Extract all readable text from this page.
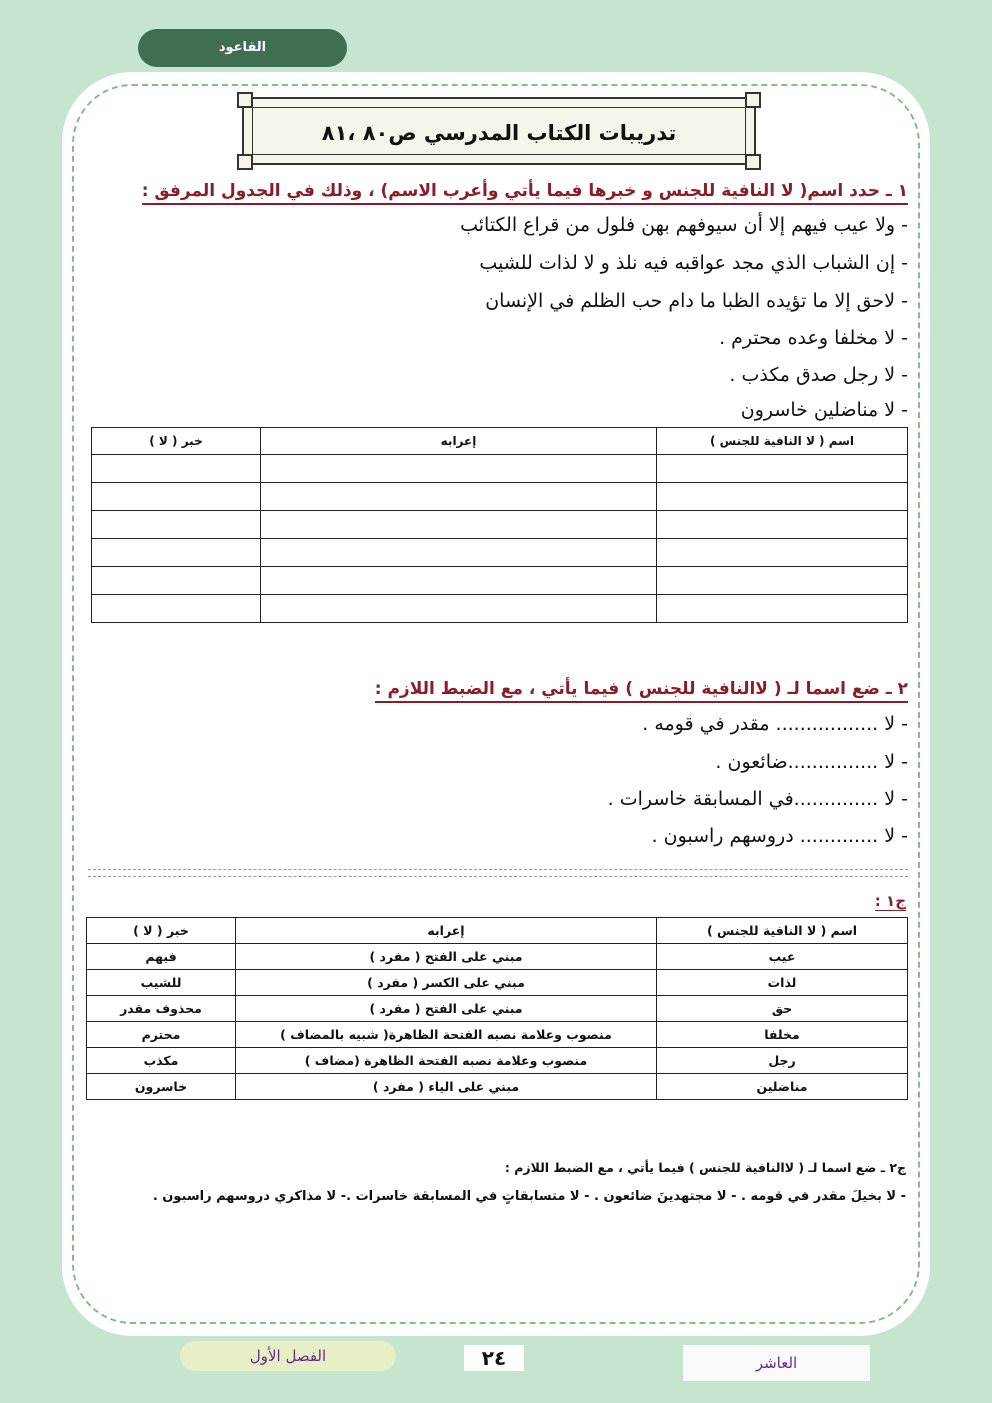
القاعود
تدريبات الكتاب المدرسي ص٨٠ ،٨١
١ ـ حدد اسم( لا النافية للجنس و خبرها فيما يأتي وأعرب الاسم) ، وذلك في الجدول المرفق :
- ولا عيب فيهم إلا أن سيوفهم بهن فلول من قراع الكتائب
- إن الشباب الذي مجد عواقبه فيه نلذ و لا لذات للشيب
- لاحق إلا ما تؤيده الظبا ما دام حب الظلم في الإنسان
- لا مخلفا وعده محترم .
- لا رجل صدق مكذب .
- لا مناضلين خاسرون
اسم ( لا النافية للجنس )	إعرابه	خبر ( لا )

٢ ـ ضع اسما لـ ( لاالنافية للجنس ) فيما يأتي ، مع الضبط اللازم :
- لا ................. مقدر في قومه .
- لا ...............ضائعون .
- لا ..............في المسابقة خاسرات .
- لا ............. دروسهم راسبون .
ج١ :
اسم ( لا النافية للجنس )	إعرابه	خبر ( لا )
عيب	مبني على الفتح ( مفرد )	فيهم
لذات	مبني على الكسر ( مفرد )	للشيب
حق	مبني على الفتح ( مفرد )	محذوف مقدر
مخلفا	منصوب وعلامة نصبه الفتحة الظاهرة( شبيه بالمضاف )	محترم
رجل	منصوب وعلامة نصبه الفتحة الظاهرة (مضاف )	مكذب
مناضلين	مبني على الياء ( مفرد )	خاسرون
ج٢ ـ ضع اسما لـ ( لاالنافية للجنس ) فيما يأتي ، مع الضبط اللازم :
- لا بخيلَ مقدر في قومه . - لا مجتهدينَ ضائعون . - لا متسابقاتٍ في المسابقة خاسرات .- لا مذاكري دروسهم راسبون .
الفصل الأول	٢٤	العاشر
